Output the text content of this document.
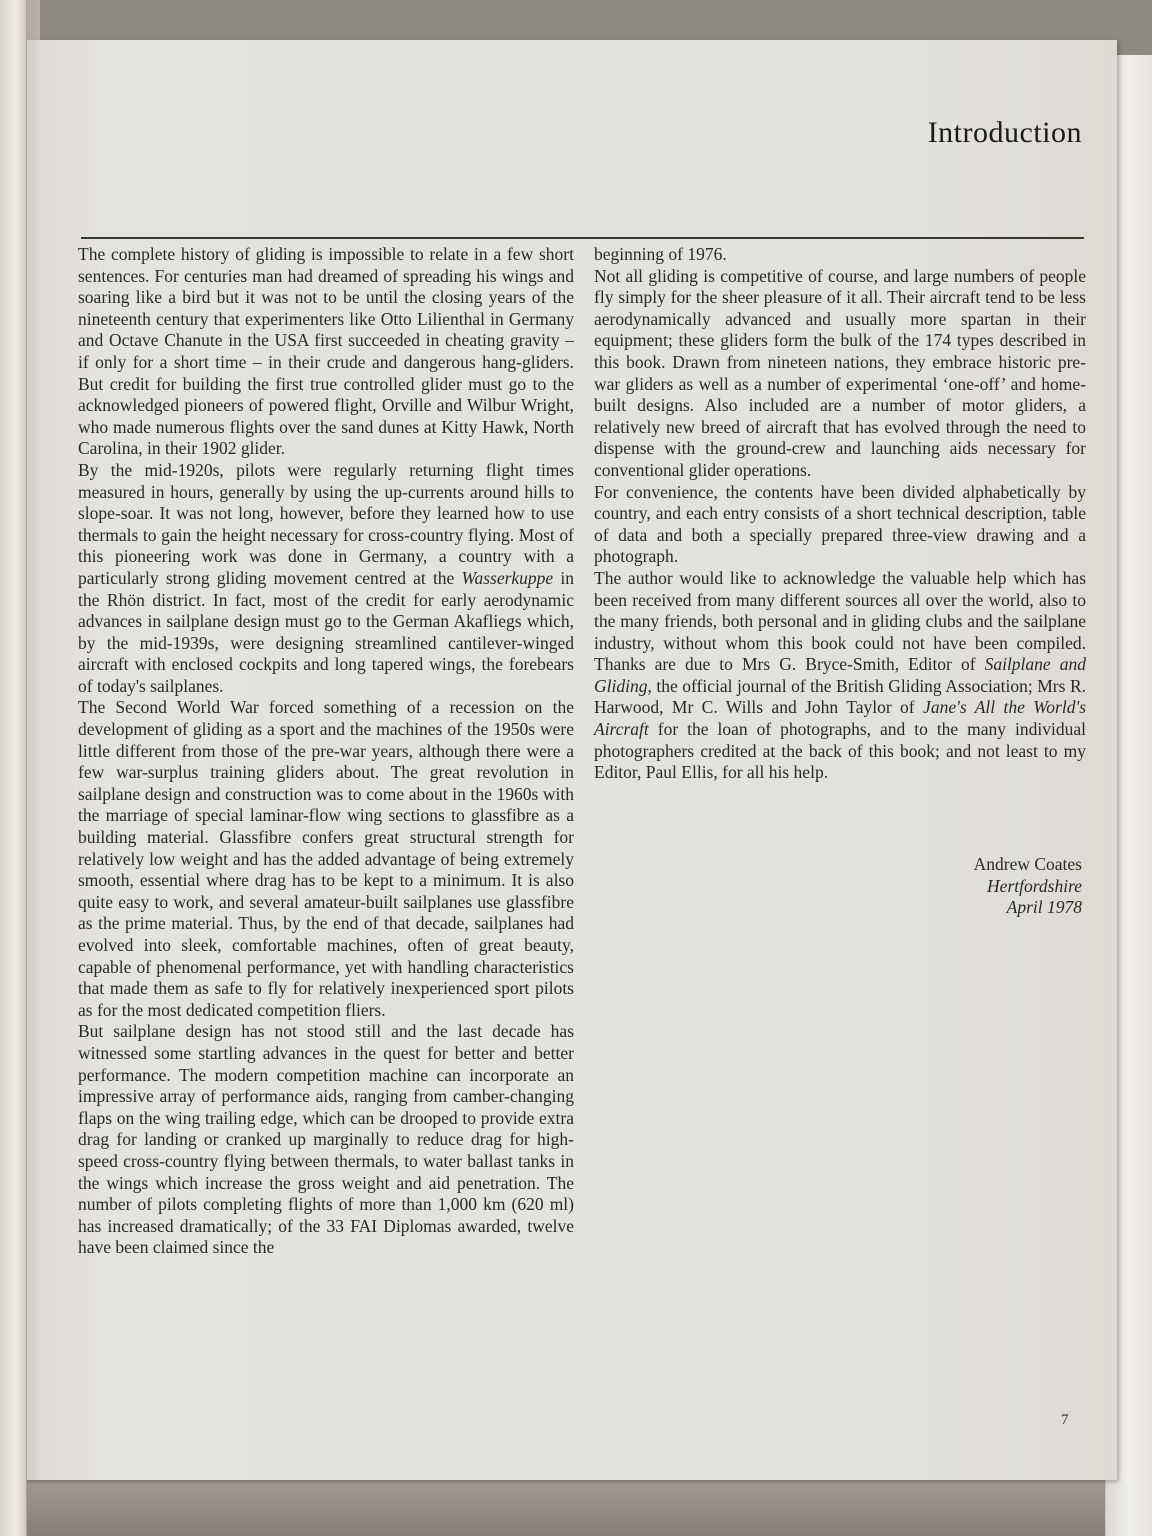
Introduction

The complete history of gliding is impossible to relate in a few short sentences. For centuries man had dreamed of spreading his wings and soaring like a bird but it was not to be until the closing years of the nineteenth century that experimenters like Otto Lilienthal in Germany and Octave Chanute in the USA first succeeded in cheating gravity – if only for a short time – in their crude and dangerous hang-gliders. But credit for building the first true controlled glider must go to the acknowledged pioneers of powered flight, Orville and Wilbur Wright, who made numerous flights over the sand dunes at Kitty Hawk, North Carolina, in their 1902 glider.

By the mid-1920s, pilots were regularly returning flight times measured in hours, generally by using the up-currents around hills to slope-soar. It was not long, however, before they learned how to use thermals to gain the height necessary for cross-country flying. Most of this pioneering work was done in Germany, a country with a particularly strong gliding movement centred at the Wasserkuppe in the Rhön district. In fact, most of the credit for early aerodynamic advances in sailplane design must go to the German Akafliegs which, by the mid-1939s, were designing streamlined cantilever-winged aircraft with enclosed cockpits and long tapered wings, the forebears of today's sailplanes.

The Second World War forced something of a recession on the development of gliding as a sport and the machines of the 1950s were little different from those of the pre-war years, although there were a few war-surplus training gliders about. The great revolution in sailplane design and construction was to come about in the 1960s with the marriage of special laminar-flow wing sections to glassfibre as a building material. Glassfibre confers great structural strength for relatively low weight and has the added advantage of being extremely smooth, essential where drag has to be kept to a minimum. It is also quite easy to work, and several amateur-built sailplanes use glassfibre as the prime material. Thus, by the end of that decade, sailplanes had evolved into sleek, comfortable machines, often of great beauty, capable of phenomenal performance, yet with handling characteristics that made them as safe to fly for relatively inexperienced sport pilots as for the most dedicated competition fliers.

But sailplane design has not stood still and the last decade has witnessed some startling advances in the quest for better and better performance. The modern competition machine can incorporate an impressive array of performance aids, ranging from camber-changing flaps on the wing trailing edge, which can be drooped to provide extra drag for landing or cranked up marginally to reduce drag for high-speed cross-country flying between thermals, to water ballast tanks in the wings which increase the gross weight and aid penetration. The number of pilots completing flights of more than 1,000 km (620 ml) has increased dramatically; of the 33 FAI Diplomas awarded, twelve have been claimed since the

beginning of 1976.

Not all gliding is competitive of course, and large numbers of people fly simply for the sheer pleasure of it all. Their aircraft tend to be less aerodynamically advanced and usually more spartan in their equipment; these gliders form the bulk of the 174 types described in this book. Drawn from nineteen nations, they embrace historic pre-war gliders as well as a number of experimental ‘one-off’ and home-built designs. Also included are a number of motor gliders, a relatively new breed of aircraft that has evolved through the need to dispense with the ground-crew and launching aids necessary for conventional glider operations.

For convenience, the contents have been divided alphabetically by country, and each entry consists of a short technical description, table of data and both a specially prepared three-view drawing and a photograph.

The author would like to acknowledge the valuable help which has been received from many different sources all over the world, also to the many friends, both personal and in gliding clubs and the sailplane industry, without whom this book could not have been compiled. Thanks are due to Mrs G. Bryce-Smith, Editor of Sailplane and Gliding, the official journal of the British Gliding Association; Mrs R. Harwood, Mr C. Wills and John Taylor of Jane's All the World's Aircraft for the loan of photographs, and to the many individual photographers credited at the back of this book; and not least to my Editor, Paul Ellis, for all his help.

Andrew Coates
Hertfordshire
April 1978
7
